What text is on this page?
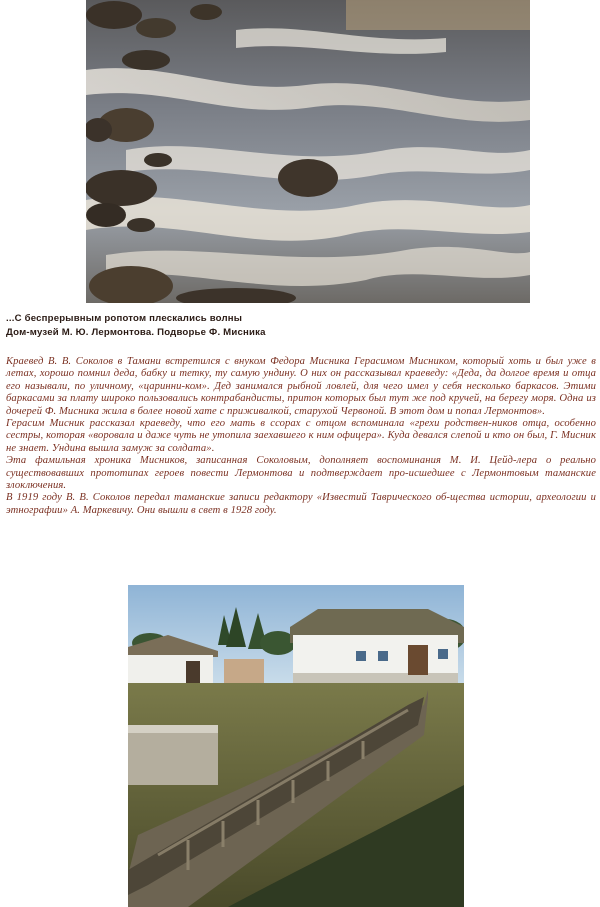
...С беспрерывным ропотом плескались волны
Дом-музей М. Ю. Лермонтова. Подворье Ф. Мисника

Краевед В. В. Соколов в Тамани встретился с внуком Федора Мисника Герасимом Мисником, который хоть и был уже в летах, хорошо помнил деда, бабку и тетку, ту самую ундину. О них он рассказывал краеведу: «Деда, да долгое время и отца его называли, по уличному, «царинни-ком». Дед занимался рыбной ловлей, для чего имел у себя несколько баркасов. Этими баркасами за плату широко пользовались контрабандисты, притон которых был тут же под кручей, на берегу моря. Одна из дочерей Ф. Мисника жила в более новой хате с приживалкой, старухой Червоной. В этот дом и попал Лермонтов».

Герасим Мисник рассказал краеведу, что его мать в ссорах с отцом вспоминала «грехи родствен-ников отца, особенно сестры, которая «воровала и даже чуть не утопила заехавшего к ним офицера». Куда девался слепой и кто он был, Г. Мисник не знает. Ундина вышла замуж за солдата».

Эта фамильная хроника Мисников, записанная Соколовым, дополняет воспоминания М. И. Цейд-лера о реально существовавших прототипах героев повести Лермонтова и подтверждает про-исшедшее с Лермонтовым таманские злоключения.

В 1919 году В. В. Соколов передал таманские записи редактору «Известий Таврического об-щества истории, археологии и этнографии» А. Маркевичу. Они вышли в свет в 1928 году.
